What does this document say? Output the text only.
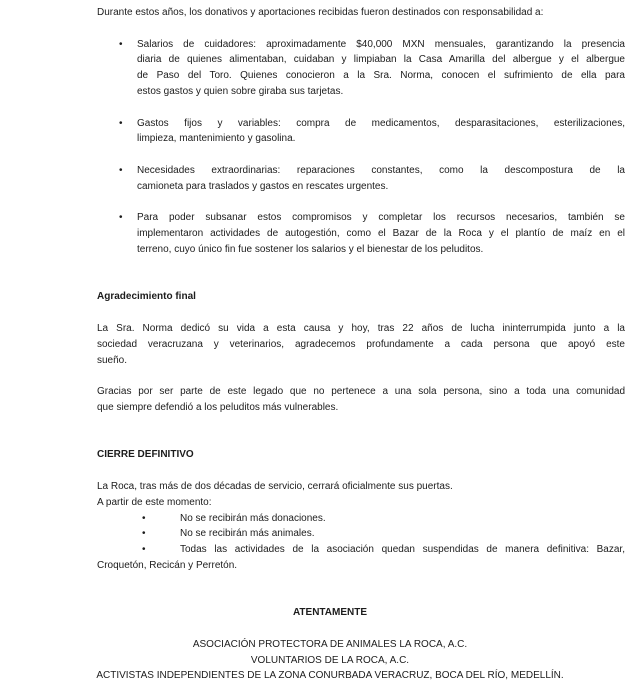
Durante estos años, los donativos y aportaciones recibidas fueron destinados con responsabilidad a:

•	Salarios de cuidadores: aproximadamente $40,000 MXN mensuales, garantizando la presencia
diaria de quienes alimentaban, cuidaban y limpiaban la Casa Amarilla del albergue y el albergue
de Paso del Toro. Quienes conocieron a la Sra. Norma, conocen el sufrimiento de ella para
estos gastos y quien sobre giraba sus tarjetas.
•	Gastos fijos y variables: compra de medicamentos, desparasitaciones, esterilizaciones,
limpieza, mantenimiento y gasolina.
•	Necesidades extraordinarias: reparaciones constantes, como la descompostura de la
camioneta para traslados y gastos en rescates urgentes.
•	Para poder subsanar estos compromisos y completar los recursos necesarios, también se
implementaron actividades de autogestión, como el Bazar de la Roca y el plantío de maíz en el
terreno, cuyo único fin fue sostener los salarios y el bienestar de los peluditos.
Agradecimiento final
La Sra. Norma dedicó su vida a esta causa y hoy, tras 22 años de lucha ininterrumpida junto a la
sociedad veracruzana y veterinarios, agradecemos profundamente a cada persona que apoyó este
sueño.
Gracias por ser parte de este legado que no pertenece a una sola persona, sino a toda una comunidad
que siempre defendió a los peluditos más vulnerables.
CIERRE DEFINITIVO
La Roca, tras más de dos décadas de servicio, cerrará oficialmente sus puertas.
A partir de este momento:
•	No se recibirán más donaciones.
•	No se recibirán más animales.
•	Todas las actividades de la asociación quedan suspendidas de manera definitiva: Bazar,
Croquetón, Recicán y Perretón.
ATENTAMENTE
ASOCIACIÓN PROTECTORA DE ANIMALES LA ROCA, A.C.
VOLUNTARIOS DE LA ROCA, A.C.
ACTIVISTAS INDEPENDIENTES DE LA ZONA CONURBADA VERACRUZ, BOCA DEL RÍO, MEDELLÍN.
